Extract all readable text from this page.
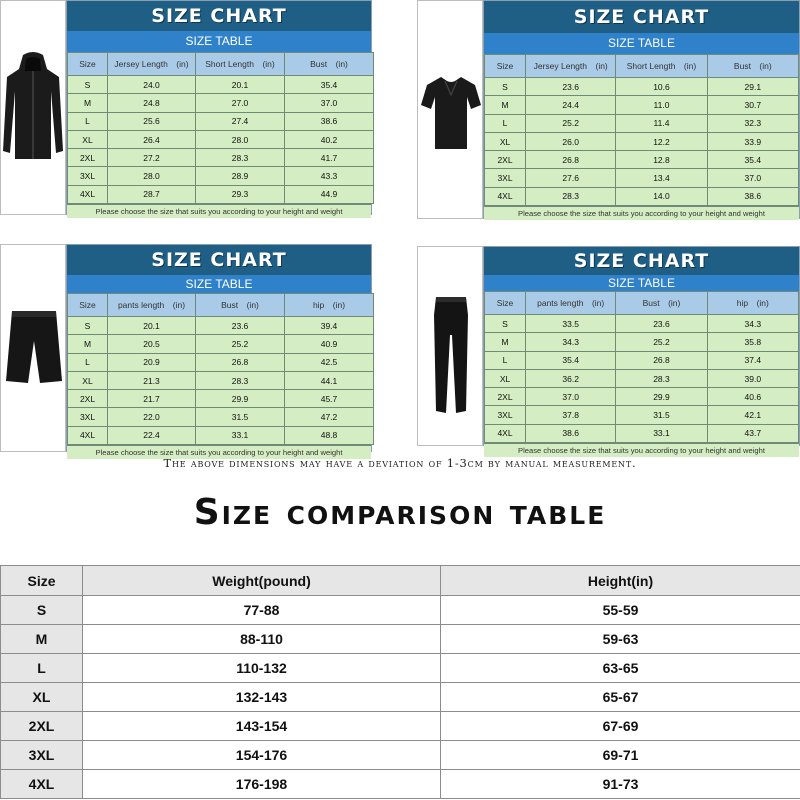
SIZE CHART
SIZE TABLE
Size	Jersey Length　(in)	Short Length　(in)	Bust　(in)
S	24.0	20.1	35.4
M	24.8	27.0	37.0
L	25.6	27.4	38.6
XL	26.4	28.0	40.2
2XL	27.2	28.3	41.7
3XL	28.0	28.9	43.3
4XL	28.7	29.3	44.9
Please choose the size that suits you according to your height and weight
SIZE CHART
SIZE TABLE
Size	Jersey Length　(in)	Short Length　(in)	Bust　(in)
S	23.6	10.6	29.1
M	24.4	11.0	30.7
L	25.2	11.4	32.3
XL	26.0	12.2	33.9
2XL	26.8	12.8	35.4
3XL	27.6	13.4	37.0
4XL	28.3	14.0	38.6
Please choose the size that suits you according to your height and weight
SIZE CHART
SIZE TABLE
Size	pants length　(in)	Bust　(in)	hip　(in)
S	20.1	23.6	39.4
M	20.5	25.2	40.9
L	20.9	26.8	42.5
XL	21.3	28.3	44.1
2XL	21.7	29.9	45.7
3XL	22.0	31.5	47.2
4XL	22.4	33.1	48.8
Please choose the size that suits you according to your height and weight
SIZE CHART
SIZE TABLE
Size	pants length　(in)	Bust　(in)	hip　(in)
S	33.5	23.6	34.3
M	34.3	25.2	35.8
L	35.4	26.8	37.4
XL	36.2	28.3	39.0
2XL	37.0	29.9	40.6
3XL	37.8	31.5	42.1
4XL	38.6	33.1	43.7
Please choose the size that suits you according to your height and weight
The above dimensions may have a deviation of 1-3cm by manual measurement.
Size comparison table
Size	Weight(pound)	Height(in)
S	77-88	55-59
M	88-110	59-63
L	110-132	63-65
XL	132-143	65-67
2XL	143-154	67-69
3XL	154-176	69-71
4XL	176-198	91-73
